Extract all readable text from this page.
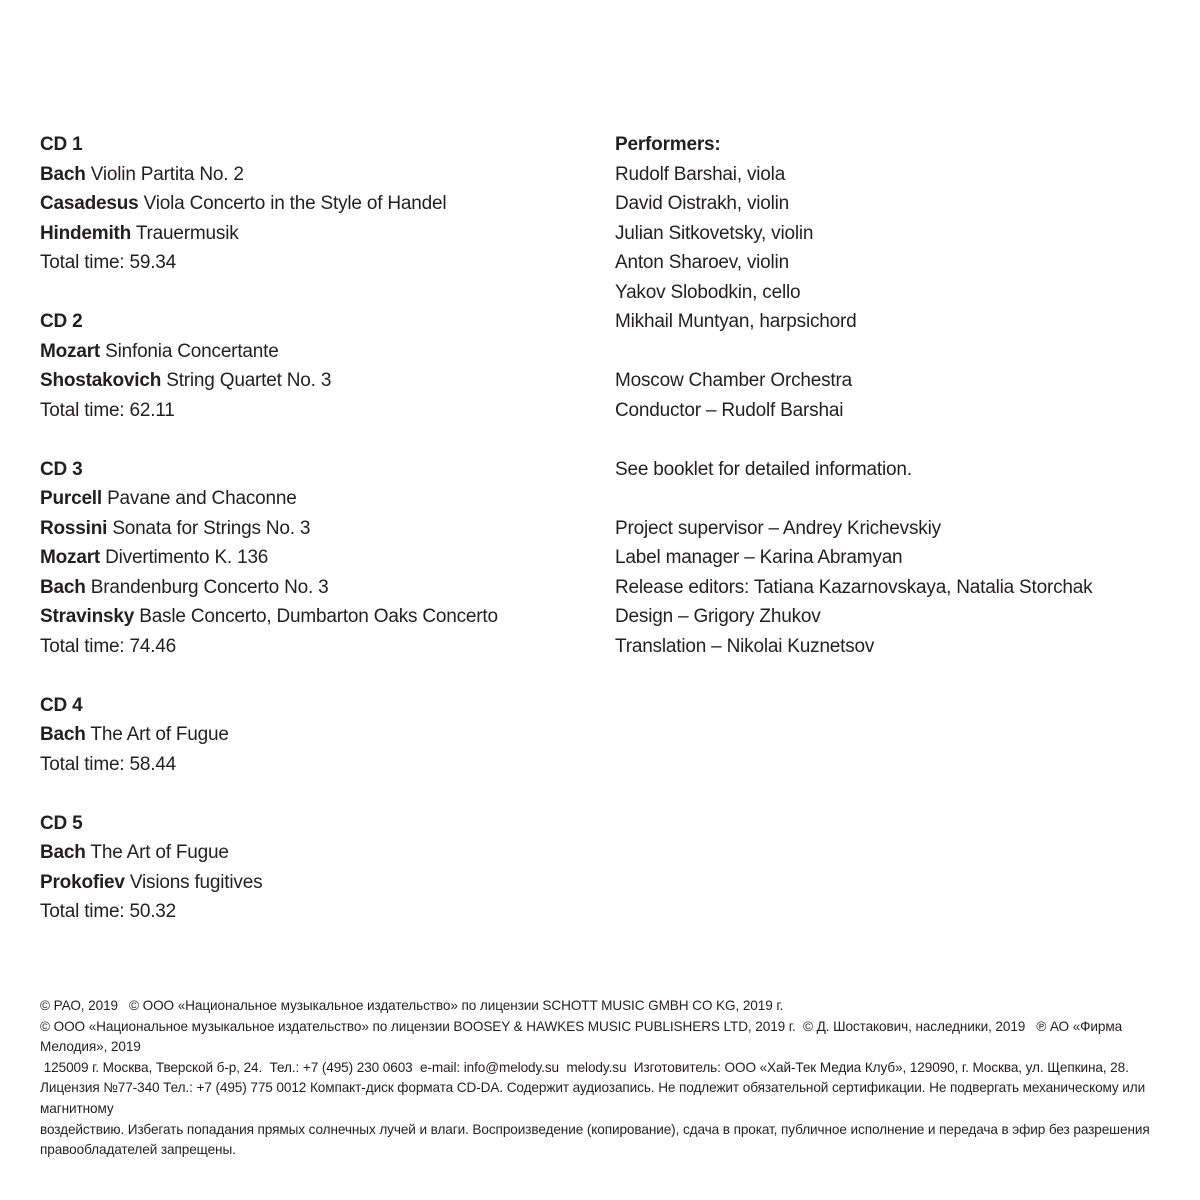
CD 1
Bach Violin Partita No. 2
Casadesus Viola Concerto in the Style of Handel
Hindemith Trauermusik
Total time: 59.34
CD 2
Mozart Sinfonia Concertante
Shostakovich String Quartet No. 3
Total time: 62.11
CD 3
Purcell Pavane and Chaconne
Rossini Sonata for Strings No. 3
Mozart Divertimento K. 136
Bach Brandenburg Concerto No. 3
Stravinsky Basle Concerto, Dumbarton Oaks Concerto
Total time: 74.46
CD 4
Bach The Art of Fugue
Total time: 58.44
CD 5
Bach The Art of Fugue
Prokofiev Visions fugitives
Total time: 50.32
Performers:
Rudolf Barshai, viola
David Oistrakh, violin
Julian Sitkovetsky, violin
Anton Sharoev, violin
Yakov Slobodkin, cello
Mikhail Muntyan, harpsichord
Moscow Chamber Orchestra
Conductor – Rudolf Barshai
See booklet for detailed information.
Project supervisor – Andrey Krichevskiy
Label manager – Karina Abramyan
Release editors: Tatiana Kazarnovskaya, Natalia Storchak
Design – Grigory Zhukov
Translation – Nikolai Kuznetsov
© РАО, 2019   © ООО «Национальное музыкальное издательство» по лицензии SCHOTT MUSIC GMBH CO KG, 2019 г.
© ООО «Национальное музыкальное издательство» по лицензии BOOSEY & HAWKES MUSIC PUBLISHERS LTD, 2019 г.  © Д. Шостакович, наследники, 2019   ℗ АО «Фирма Мелодия», 2019
125009 г. Москва, Тверской б-р, 24.  Тел.: +7 (495) 230 0603  e-mail: info@melody.su  melody.su  Изготовитель: ООО «Хай-Тек Медиа Клуб», 129090, г. Москва, ул. Щепкина, 28.
Лицензия №77-340 Тел.: +7 (495) 775 0012 Компакт-диск формата CD-DA. Содержит аудиозапись. Не подлежит обязательной сертификации. Не подвергать механическому или магнитному
воздействию. Избегать попадания прямых солнечных лучей и влаги. Воспроизведение (копирование), сдача в прокат, публичное исполнение и передача в эфир без разрешения
правообладателей запрещены.
